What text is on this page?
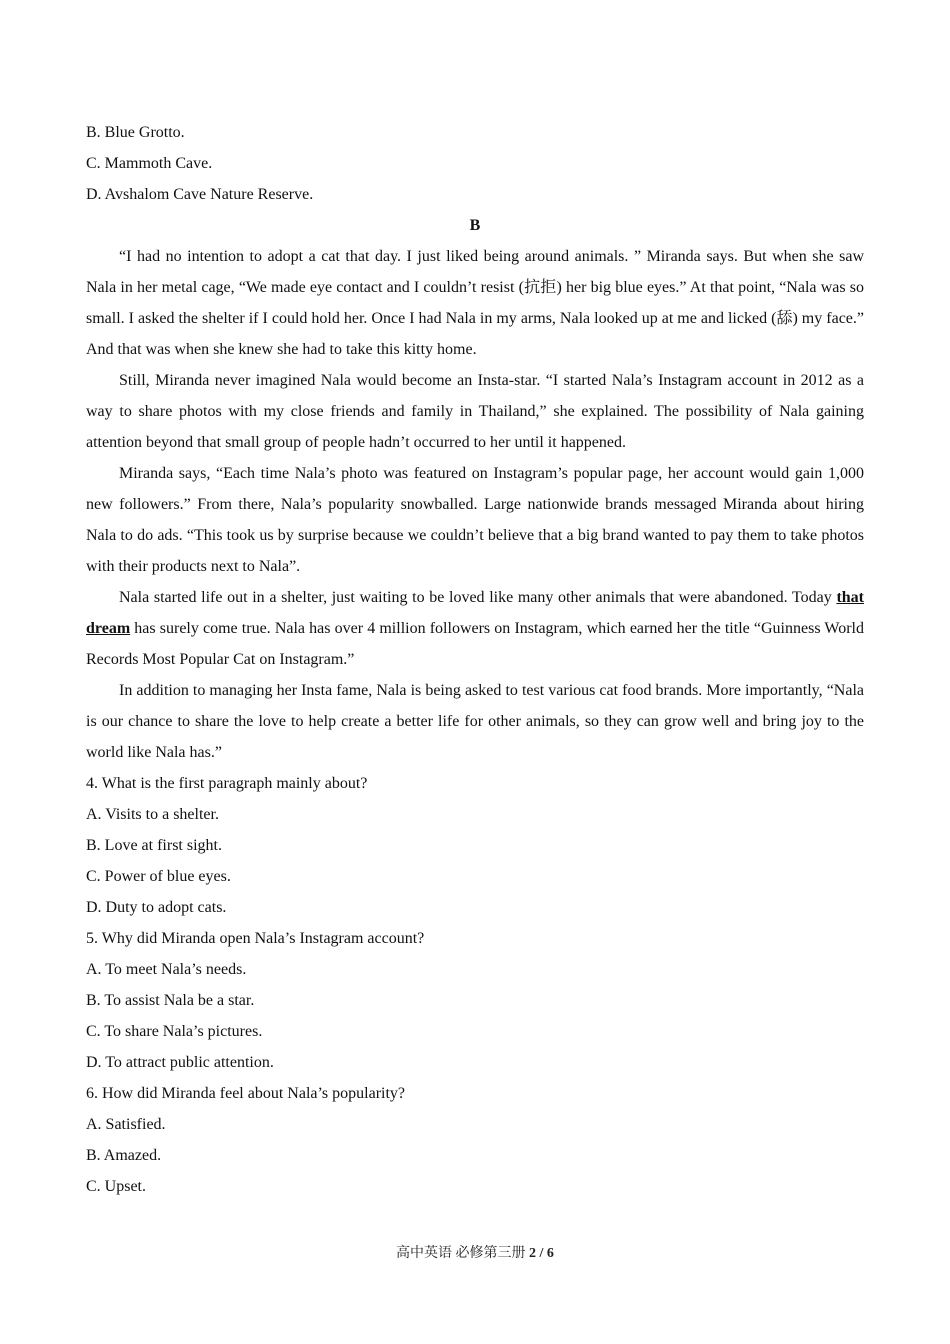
B. Blue Grotto.

C. Mammoth Cave.

D. Avshalom Cave Nature Reserve.

B

“I had no intention to adopt a cat that day. I just liked being around animals. ” Miranda says. But when she saw Nala in her metal cage, “We made eye contact and I couldn’t resist (抗拒) her big blue eyes.” At that point, “Nala was so small. I asked the shelter if I could hold her. Once I had Nala in my arms, Nala looked up at me and licked (舔) my face.” And that was when she knew she had to take this kitty home.

Still, Miranda never imagined Nala would become an Insta-star. “I started Nala’s Instagram account in 2012 as a way to share photos with my close friends and family in Thailand,” she explained. The possibility of Nala gaining attention beyond that small group of people hadn’t occurred to her until it happened.

Miranda says, “Each time Nala’s photo was featured on Instagram’s popular page, her account would gain 1,000 new followers.” From there, Nala’s popularity snowballed. Large nationwide brands messaged Miranda about hiring Nala to do ads. “This took us by surprise because we couldn’t believe that a big brand wanted to pay them to take photos with their products next to Nala”.

Nala started life out in a shelter, just waiting to be loved like many other animals that were abandoned. Today that dream has surely come true. Nala has over 4 million followers on Instagram, which earned her the title “Guinness World Records Most Popular Cat on Instagram.”

In addition to managing her Insta fame, Nala is being asked to test various cat food brands. More importantly, “Nala is our chance to share the love to help create a better life for other animals, so they can grow well and bring joy to the world like Nala has.”

4. What is the first paragraph mainly about?

A. Visits to a shelter.

B. Love at first sight.

C. Power of blue eyes.

D. Duty to adopt cats.

5. Why did Miranda open Nala’s Instagram account?

A. To meet Nala’s needs.

B. To assist Nala be a star.

C. To share Nala’s pictures.

D. To attract public attention.

6. How did Miranda feel about Nala’s popularity?

A. Satisfied.

B. Amazed.

C. Upset.

高中英语 必修第三册 2 / 6
